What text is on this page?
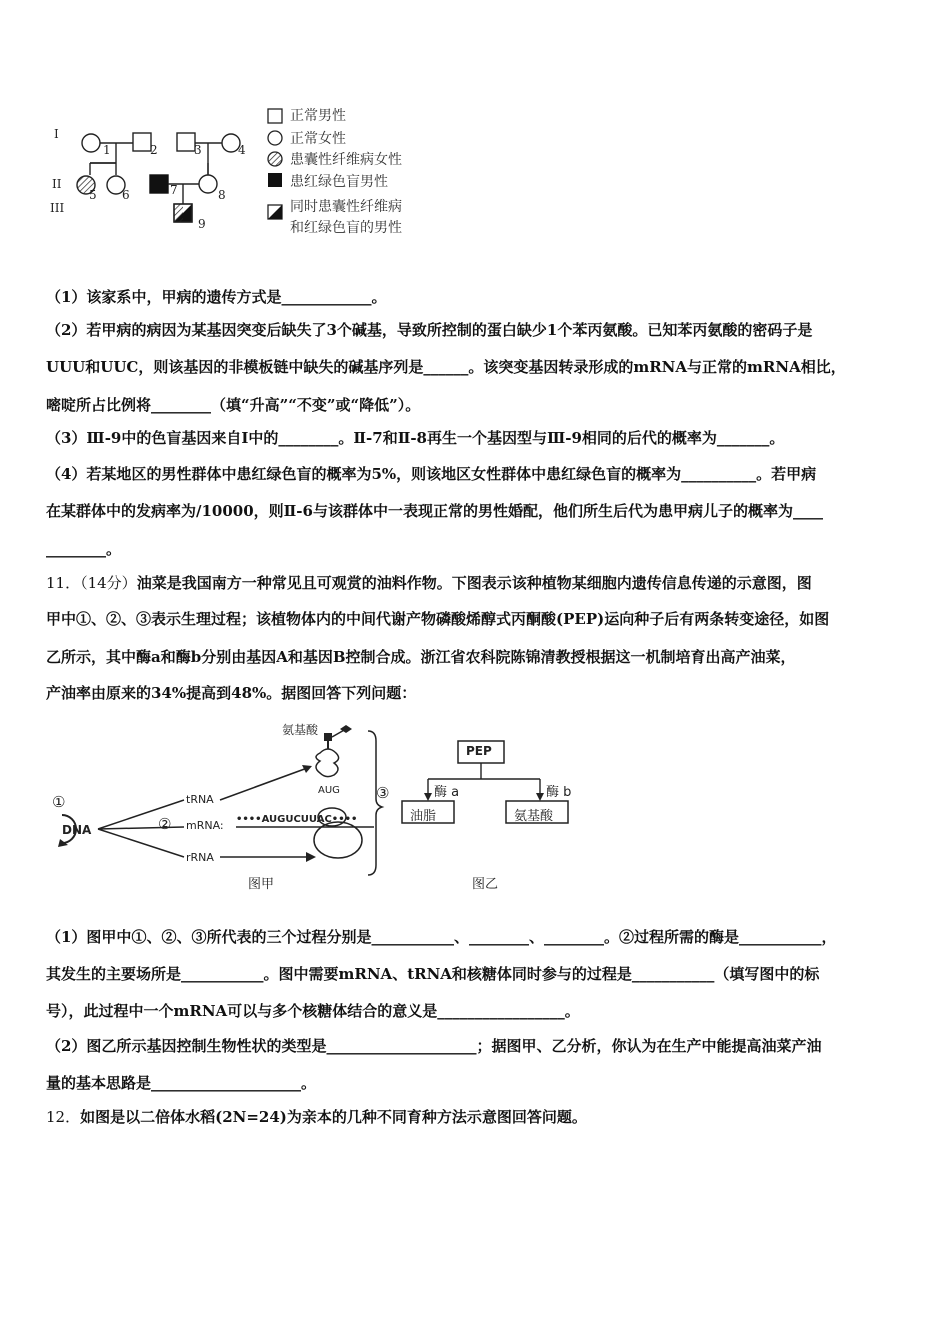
I
II
III
1	2	3	4
5 6	7	8
9
正常男性
正常女性
患囊性纤维病女性
患红绿色盲男性
同时患囊性纤维病
和红绿色盲的男性
（1）该家系中，甲病的遗传方式是____________。
（2）若甲病的病因为某基因突变后缺失了3个碱基，导致所控制的蛋白缺少1个苯丙氨酸。已知苯丙氨酸的密码子是
UUU和UUC，则该基因的非模板链中缺失的碱基序列是______。该突变基因转录形成的mRNA与正常的mRNA相比，
嘧啶所占比例将________（填“升高”“不变”或“降低”）。
（3）Ⅲ-9中的色盲基因来自Ⅰ中的________。Ⅱ-7和Ⅱ-8再生一个基因型与Ⅲ-9相同的后代的概率为_______。
（4）若某地区的男性群体中患红绿色盲的概率为5%，则该地区女性群体中患红绿色盲的概率为__________。若甲病
在某群体中的发病率为/10000，则Ⅱ-6与该群体中一表现正常的男性婚配，他们所生后代为患甲病儿子的概率为____
________。
11．（14分）油菜是我国南方一种常见且可观赏的油料作物。下图表示该种植物某细胞内遗传信息传递的示意图，图
甲中①、②、③表示生理过程；该植物体内的中间代谢产物磷酸烯醇式丙酮酸(PEP)运向种子后有两条转变途径，如图
乙所示，其中酶a和酶b分别由基因A和基因B控制合成。浙江省农科院陈锦清教授根据这一机制培育出高产油菜，
产油率由原来的34%提高到48%。据图回答下列问题：
氨基酸
AUG
①
DNA
tRNA
② mRNA: ••••AUGUCUUAC••••
rRNA
③
图甲
PEP
酶 a	酶 b
油脂	氨基酸
图乙
（1）图甲中①、②、③所代表的三个过程分别是___________、________、________。②过程所需的酶是___________，
其发生的主要场所是___________。图中需要mRNA、tRNA和核糖体同时参与的过程是___________（填写图中的标
号），此过程中一个mRNA可以与多个核糖体结合的意义是_________________。
（2）图乙所示基因控制生物性状的类型是____________________；据图甲、乙分析，你认为在生产中能提高油菜产油
量的基本思路是____________________。
12．如图是以二倍体水稻(2N=24)为亲本的几种不同育种方法示意图回答问题。
